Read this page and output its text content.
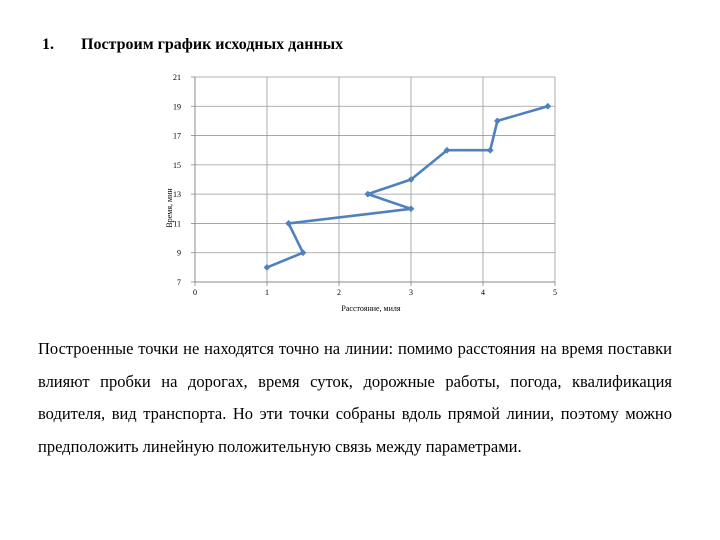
1. Построим график исходных данных
7
9
11
13
15
17
19
21
0	1	2	3	4	5
Расстояние, миля
Время, мин
Построенные точки не находятся точно на линии: помимо расстояния на время поставки влияют пробки на дорогах, время суток, дорожные работы, погода, квалификация водителя, вид транспорта. Но эти точки собраны вдоль прямой линии, поэтому можно предположить линейную положительную связь между параметрами.
